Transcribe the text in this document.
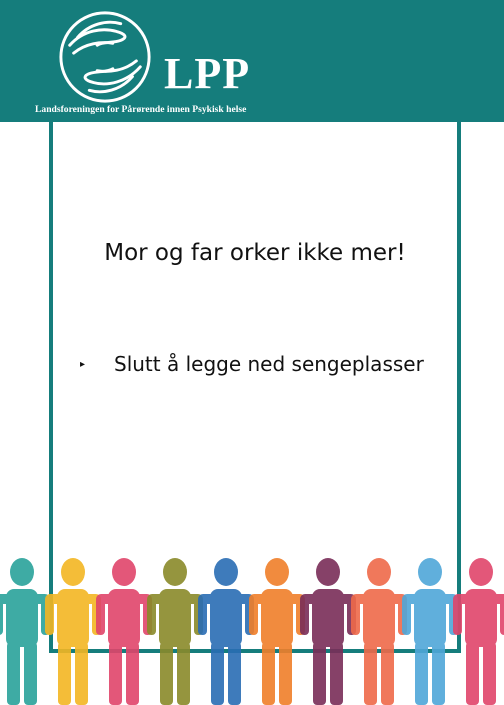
LPP
Landsforeningen for Pårørende innen Psykisk helse
Mor og far orker ikke mer!
▸ Slutt å legge ned sengeplasser
